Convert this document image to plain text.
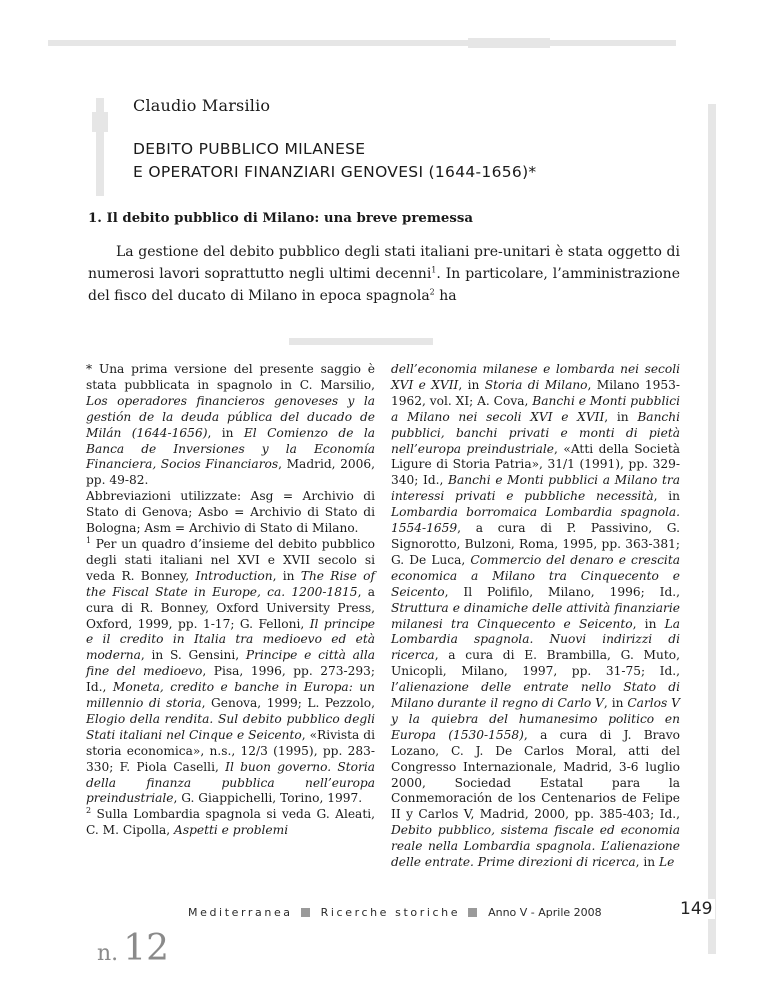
Claudio Marsilio
DEBITO PUBBLICO MILANESE
E OPERATORI FINANZIARI GENOVESI (1644-1656)*
1. Il debito pubblico di Milano: una breve premessa

La gestione del debito pubblico degli stati italiani pre-unitari è stata oggetto di numerosi lavori soprattutto negli ultimi decenni$^1$. In particolare, l’amministrazione del fisco del ducato di Milano in epoca spagnola$^2$ ha

* Una prima versione del presente saggio è stata pubblicata in spagnolo in C. Marsilio, Los operadores financieros genoveses y la gestión de la deuda pública del ducado de Milán (1644-1656), in El Comienzo de la Banca de Inversiones y la Economía Financiera, Socios Financiaros, Madrid, 2006, pp. 49-82.

Abbreviazioni utilizzate: Asg = Archivio di Stato di Genova; Asbo = Archivio di Stato di Bologna; Asm = Archivio di Stato di Milano.

$^1$ Per un quadro d’insieme del debito pubblico degli stati italiani nel XVI e XVII secolo si veda R. Bonney, Introduction, in The Rise of the Fiscal State in Europe, ca. 1200-1815, a cura di R. Bonney, Oxford University Press, Oxford, 1999, pp. 1-17; G. Felloni, Il principe e il credito in Italia tra medioevo ed età moderna, in S. Gensini, Principe e città alla fine del medioevo, Pisa, 1996, pp. 273-293; Id., Moneta, credito e banche in Europa: un millennio di storia, Genova, 1999; L. Pezzolo, Elogio della rendita. Sul debito pubblico degli Stati italiani nel Cinque e Seicento, «Rivista di storia economica», n.s., 12/3 (1995), pp. 283-330; F. Piola Caselli, Il buon governo. Storia della finanza pubblica nell’europa preindustriale, G. Giappichelli, Torino, 1997.

$^2$ Sulla Lombardia spagnola si veda G. Aleati, C. M. Cipolla, Aspetti e problemi

dell’economia milanese e lombarda nei secoli XVI e XVII, in Storia di Milano, Milano 1953-1962, vol. XI; A. Cova, Banchi e Monti pubblici a Milano nei secoli XVI e XVII, in Banchi pubblici, banchi privati e monti di pietà nell’europa preindustriale, «Atti della Società Ligure di Storia Patria», 31/1 (1991), pp. 329-340; Id., Banchi e Monti pubblici a Milano tra interessi privati e pubbliche necessità, in Lombardia borromaica Lombardia spagnola. 1554-1659, a cura di P. Passivino, G. Signorotto, Bulzoni, Roma, 1995, pp. 363-381; G. De Luca, Commercio del denaro e crescita economica a Milano tra Cinquecento e Seicento, Il Polifilo, Milano, 1996; Id., Struttura e dinamiche delle attività finanziarie milanesi tra Cinquecento e Seicento, in La Lombardia spagnola. Nuovi indirizzi di ricerca, a cura di E. Brambilla, G. Muto, Unicopli, Milano, 1997, pp. 31-75; Id., l’alienazione delle entrate nello Stato di Milano durante il regno di Carlo V, in Carlos V y la quiebra del humanesimo politico en Europa (1530-1558), a cura di J. Bravo Lozano, C. J. De Carlos Moral, atti del Congresso Internazionale, Madrid, 3-6 luglio 2000, Sociedad Estatal para la Conmemoración de los Centenarios de Felipe II y Carlos V, Madrid, 2000, pp. 385-403; Id., Debito pubblico, sistema fiscale ed economia reale nella Lombardia spagnola. L’alienazione delle entrate. Prime direzioni di ricerca, in Le

Mediterranea	Ricerche storiche	Anno V - Aprile 2008	149
n. 12
